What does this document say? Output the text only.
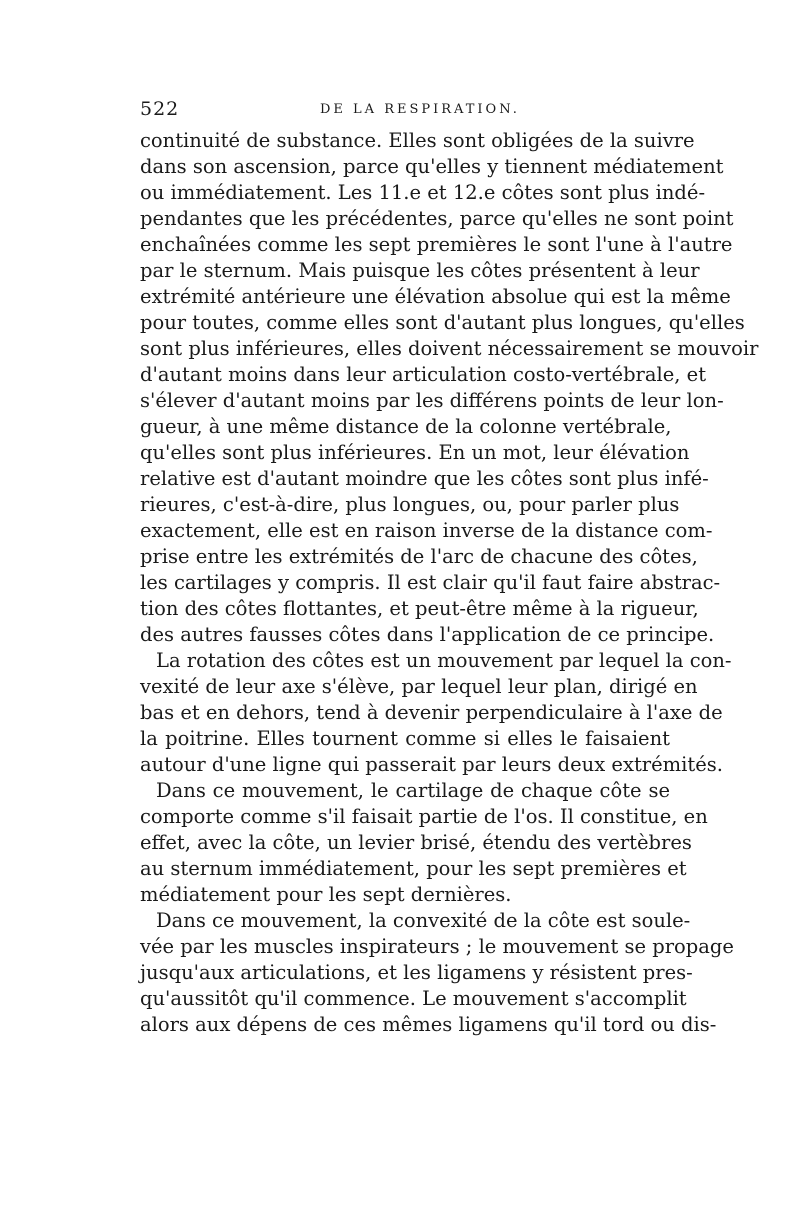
522	DE LA RESPIRATION.
continuité de substance. Elles sont obligées de la suivre
dans son ascension, parce qu'elles y tiennent médiatement
ou immédiatement. Les 11.e et 12.e côtes sont plus indé-
pendantes que les précédentes, parce qu'elles ne sont point
enchaînées comme les sept premières le sont l'une à l'autre
par le sternum. Mais puisque les côtes présentent à leur
extrémité antérieure une élévation absolue qui est la même
pour toutes, comme elles sont d'autant plus longues, qu'elles
sont plus inférieures, elles doivent nécessairement se mouvoir
d'autant moins dans leur articulation costo-vertébrale, et
s'élever d'autant moins par les différens points de leur lon-
gueur, à une même distance de la colonne vertébrale,
qu'elles sont plus inférieures. En un mot, leur élévation
relative est d'autant moindre que les côtes sont plus infé-
rieures, c'est-à-dire, plus longues, ou, pour parler plus
exactement, elle est en raison inverse de la distance com-
prise entre les extrémités de l'arc de chacune des côtes,
les cartilages y compris. Il est clair qu'il faut faire abstrac-
tion des côtes flottantes, et peut-être même à la rigueur,
des autres fausses côtes dans l'application de ce principe.
La rotation des côtes est un mouvement par lequel la con-
vexité de leur axe s'élève, par lequel leur plan, dirigé en
bas et en dehors, tend à devenir perpendiculaire à l'axe de
la poitrine. Elles tournent comme si elles le faisaient
autour d'une ligne qui passerait par leurs deux extrémités.
Dans ce mouvement, le cartilage de chaque côte se
comporte comme s'il faisait partie de l'os. Il constitue, en
effet, avec la côte, un levier brisé, étendu des vertèbres
au sternum immédiatement, pour les sept premières et
médiatement pour les sept dernières.
Dans ce mouvement, la convexité de la côte est soule-
vée par les muscles inspirateurs ; le mouvement se propage
jusqu'aux articulations, et les ligamens y résistent pres-
qu'aussitôt qu'il commence. Le mouvement s'accomplit
alors aux dépens de ces mêmes ligamens qu'il tord ou dis-
